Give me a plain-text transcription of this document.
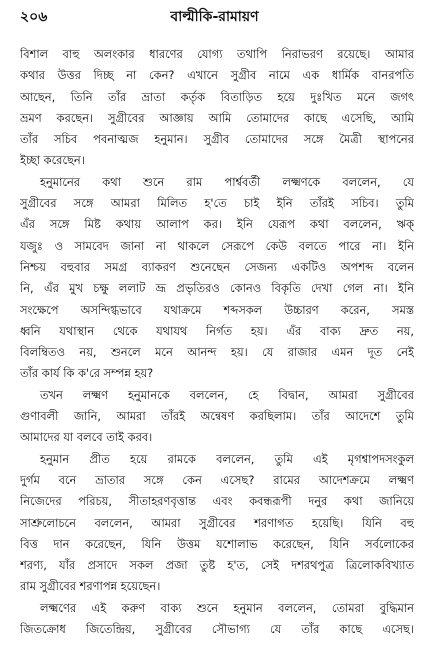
২০৬	বাল্মীকি-রামায়ণ
বিশাল বাহু অলংকার ধারণের যোগ্য তথাপি নিরাভরণ রয়েছে। আমার
কথার উত্তর দিচ্ছ না কেন? এখানে সুগ্রীব নামে এক ধার্মিক বানরপতি
আছেন, তিনি তাঁর ভ্রাতা কর্তৃক বিতাড়িত হয়ে দুঃখিত মনে জগৎ
ভ্রমণ করছেন। সুগ্রীবের আজ্ঞায় আমি তোমাদের কাছে এসেছি, আমি
তাঁর সচিব পবনাত্মজ হনুমান। সুগ্রীব তোমাদের সঙ্গে মৈত্রী স্থাপনের
ইচ্ছা করেছেন।
হনুমানের কথা শুনে রাম পার্শ্ববর্তী লক্ষ্মণকে বললেন, যে
সুগ্রীবের সঙ্গে আমরা মিলিত হ'তে চাই ইনি তাঁরই সচিব। তুমি
এঁর সঙ্গে মিষ্ট কথায় আলাপ কর। ইনি যেরূপ কথা বললেন, ঋক্‌
যজুঃ ও সামবেদ জানা না থাকলে সেরূপে কেউ বলতে পারে না। ইনি
নিশ্চয় বহুবার সমগ্র ব্যাকরণ শুনেছেন সেজন্য একটিও অপশব্দ বলেন
নি, এঁর মুখ চক্ষু ললাট ভ্রূ প্রভৃতিরও কোনও বিকৃতি দেখা গেল না। ইনি
সংক্ষেপে অসন্দিগ্ধভাবে যথাক্রমে শব্দসকল উচ্চারণ করেন, সমস্ত
ধ্বনি যথাস্থান থেকে যথাযথ নির্গত হয়। এঁর বাক্য দ্রুত নয়,
বিলম্বিতও নয়, শুনলে মনে আনন্দ হয়। যে রাজার এমন দূত নেই
তাঁর কার্য কি ক'রে সম্পন্ন হয়?
তখন লক্ষ্মণ হনুমানকে বললেন, হে বিদ্বান, আমরা সুগ্রীবের
গুণাবলী জানি, আমরা তাঁরই অন্বেষণ করছিলাম। তাঁর আদেশে তুমি
আমাদের যা বলবে তাই করব।
হনুমান প্রীত হয়ে রামকে বললেন, তুমি এই মৃগশ্বাপদসংকুল
দুর্গম বনে ভ্রাতার সঙ্গে কেন এসেছ? রামের আদেশক্রমে লক্ষ্মণ
নিজেদের পরিচয়, সীতাহরণবৃত্তান্ত এবং কবন্ধরূপী দনুর কথা জানিয়ে
সাশ্রুলোচনে বললেন, আমরা সুগ্রীবের শরণাগত হয়েছি। যিনি বহু
বিত্ত দান করেছেন, যিনি উত্তম যশোলাভ করেছেন, যিনি সর্বলোকের
শরণ্য, যাঁর প্রসাদে সকল প্রজা তুষ্ট হ'ত, সেই দশরথপুত্র ত্রিলোকবিখ্যাত
রাম সুগ্রীবের শরণাপন্ন হয়েছেন।
লক্ষ্মণের এই করুণ বাক্য শুনে হনুমান বললেন, তোমরা বুদ্ধিমান
জিতক্রোধ জিতেন্দ্রিয়, সুগ্রীবের সৌভাগ্য যে তাঁর কাছে এসেছ।
